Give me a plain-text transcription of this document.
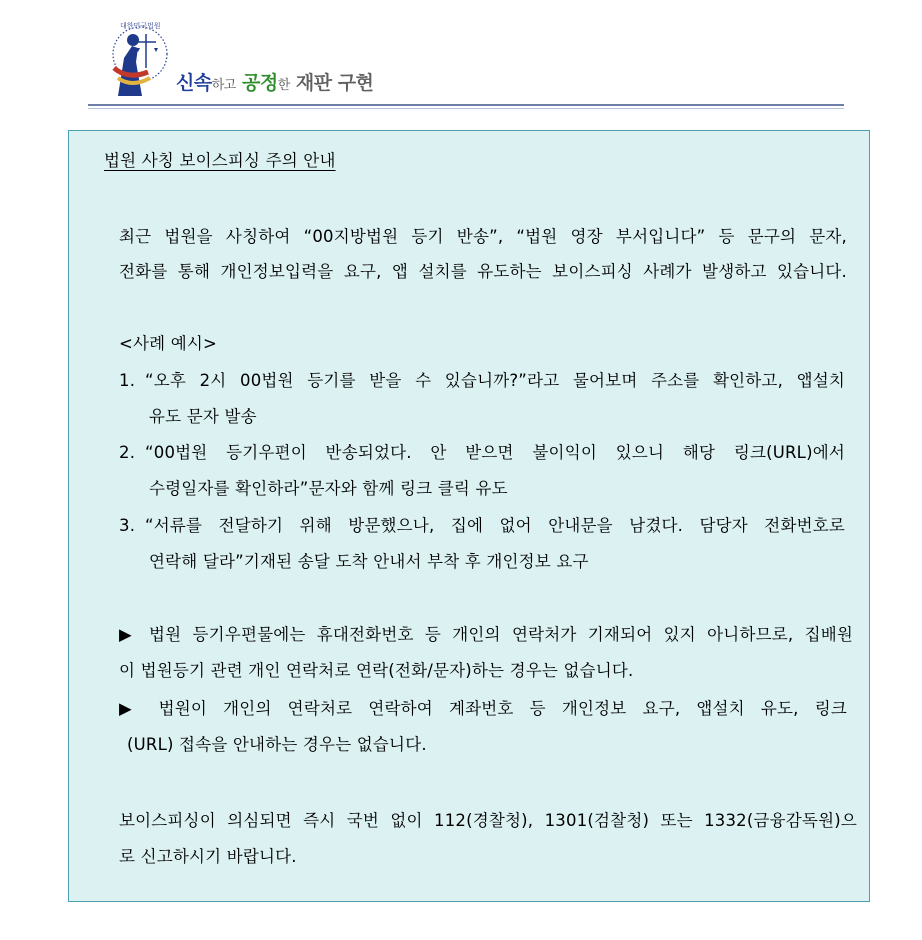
대한민국법원
신속하고 공정한 재판 구현
법원 사칭 보이스피싱 주의 안내
최근 법원을 사칭하여 “00지방법원 등기 반송”, “법원 영장 부서입니다” 등 문구의 문자,
전화를 통해 개인정보입력을 요구, 앱 설치를 유도하는 보이스피싱 사례가 발생하고 있습니다.
<사례 예시>
1. “오후 2시 00법원 등기를 받을 수 있습니까?”라고 물어보며 주소를 확인하고, 앱설치
유도 문자 발송
2. “00법원 등기우편이 반송되었다. 안 받으면 불이익이 있으니 해당 링크(URL)에서
수령일자를 확인하라”문자와 함께 링크 클릭 유도
3. “서류를 전달하기 위해 방문했으나, 집에 없어 안내문을 남겼다. 담당자 전화번호로
연락해 달라”기재된 송달 도착 안내서 부착 후 개인정보 요구
▶ 법원 등기우편물에는 휴대전화번호 등 개인의 연락처가 기재되어 있지 아니하므로, 집배원
이 법원등기 관련 개인 연락처로 연락(전화/문자)하는 경우는 없습니다.
▶ 법원이 개인의 연락처로 연락하여 계좌번호 등 개인정보 요구, 앱설치 유도, 링크
(URL) 접속을 안내하는 경우는 없습니다.
보이스피싱이 의심되면 즉시 국번 없이 112(경찰청), 1301(검찰청) 또는 1332(금융감독원)으
로 신고하시기 바랍니다.
